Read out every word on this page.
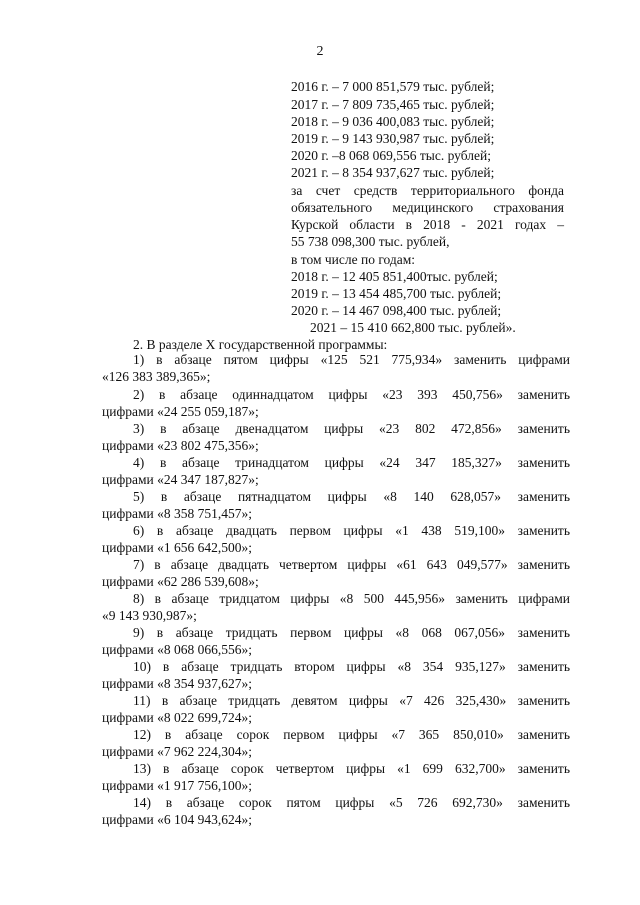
2
2016 г. – 7 000 851,579 тыс. рублей;
2017 г. – 7 809 735,465 тыс. рублей;
2018 г. – 9 036 400,083 тыс. рублей;
2019 г. – 9 143 930,987 тыс. рублей;
2020 г. –8 068 069,556 тыс. рублей;
2021 г. – 8 354 937,627 тыс. рублей;
за счет средств территориального фонда
обязательного медицинского страхования
Курской области в 2018 - 2021 годах –
55 738 098,300 тыс. рублей,
в том числе по годам:
2018 г. – 12 405 851,400тыс. рублей;
2019 г. – 13 454 485,700 тыс. рублей;
2020 г. – 14 467 098,400 тыс. рублей;
2021 – 15 410 662,800 тыс. рублей».
2. В разделе X государственной программы:
1) в абзаце пятом цифры «125 521 775,934» заменить цифрами
«126 383 389,365»;
2) в абзаце одиннадцатом цифры «23 393 450,756» заменить
цифрами «24 255 059,187»;
3) в абзаце двенадцатом цифры «23 802 472,856» заменить
цифрами «23 802 475,356»;
4) в абзаце тринадцатом цифры «24 347 185,327» заменить
цифрами «24 347 187,827»;
5) в абзаце пятнадцатом цифры «8 140 628,057» заменить
цифрами «8 358 751,457»;
6) в абзаце двадцать первом цифры «1 438 519,100» заменить
цифрами «1 656 642,500»;
7) в абзаце двадцать четвертом цифры «61 643 049,577» заменить
цифрами «62 286 539,608»;
8) в абзаце тридцатом цифры «8 500 445,956» заменить цифрами
«9 143 930,987»;
9) в абзаце тридцать первом цифры «8 068 067,056» заменить
цифрами «8 068 066,556»;
10) в абзаце тридцать втором цифры «8 354 935,127» заменить
цифрами «8 354 937,627»;
11) в абзаце тридцать девятом цифры «7 426 325,430» заменить
цифрами «8 022 699,724»;
12) в абзаце сорок первом цифры «7 365 850,010» заменить
цифрами «7 962 224,304»;
13) в абзаце сорок четвертом цифры «1 699 632,700» заменить
цифрами «1 917 756,100»;
14) в абзаце сорок пятом цифры «5 726 692,730» заменить
цифрами «6 104 943,624»;
